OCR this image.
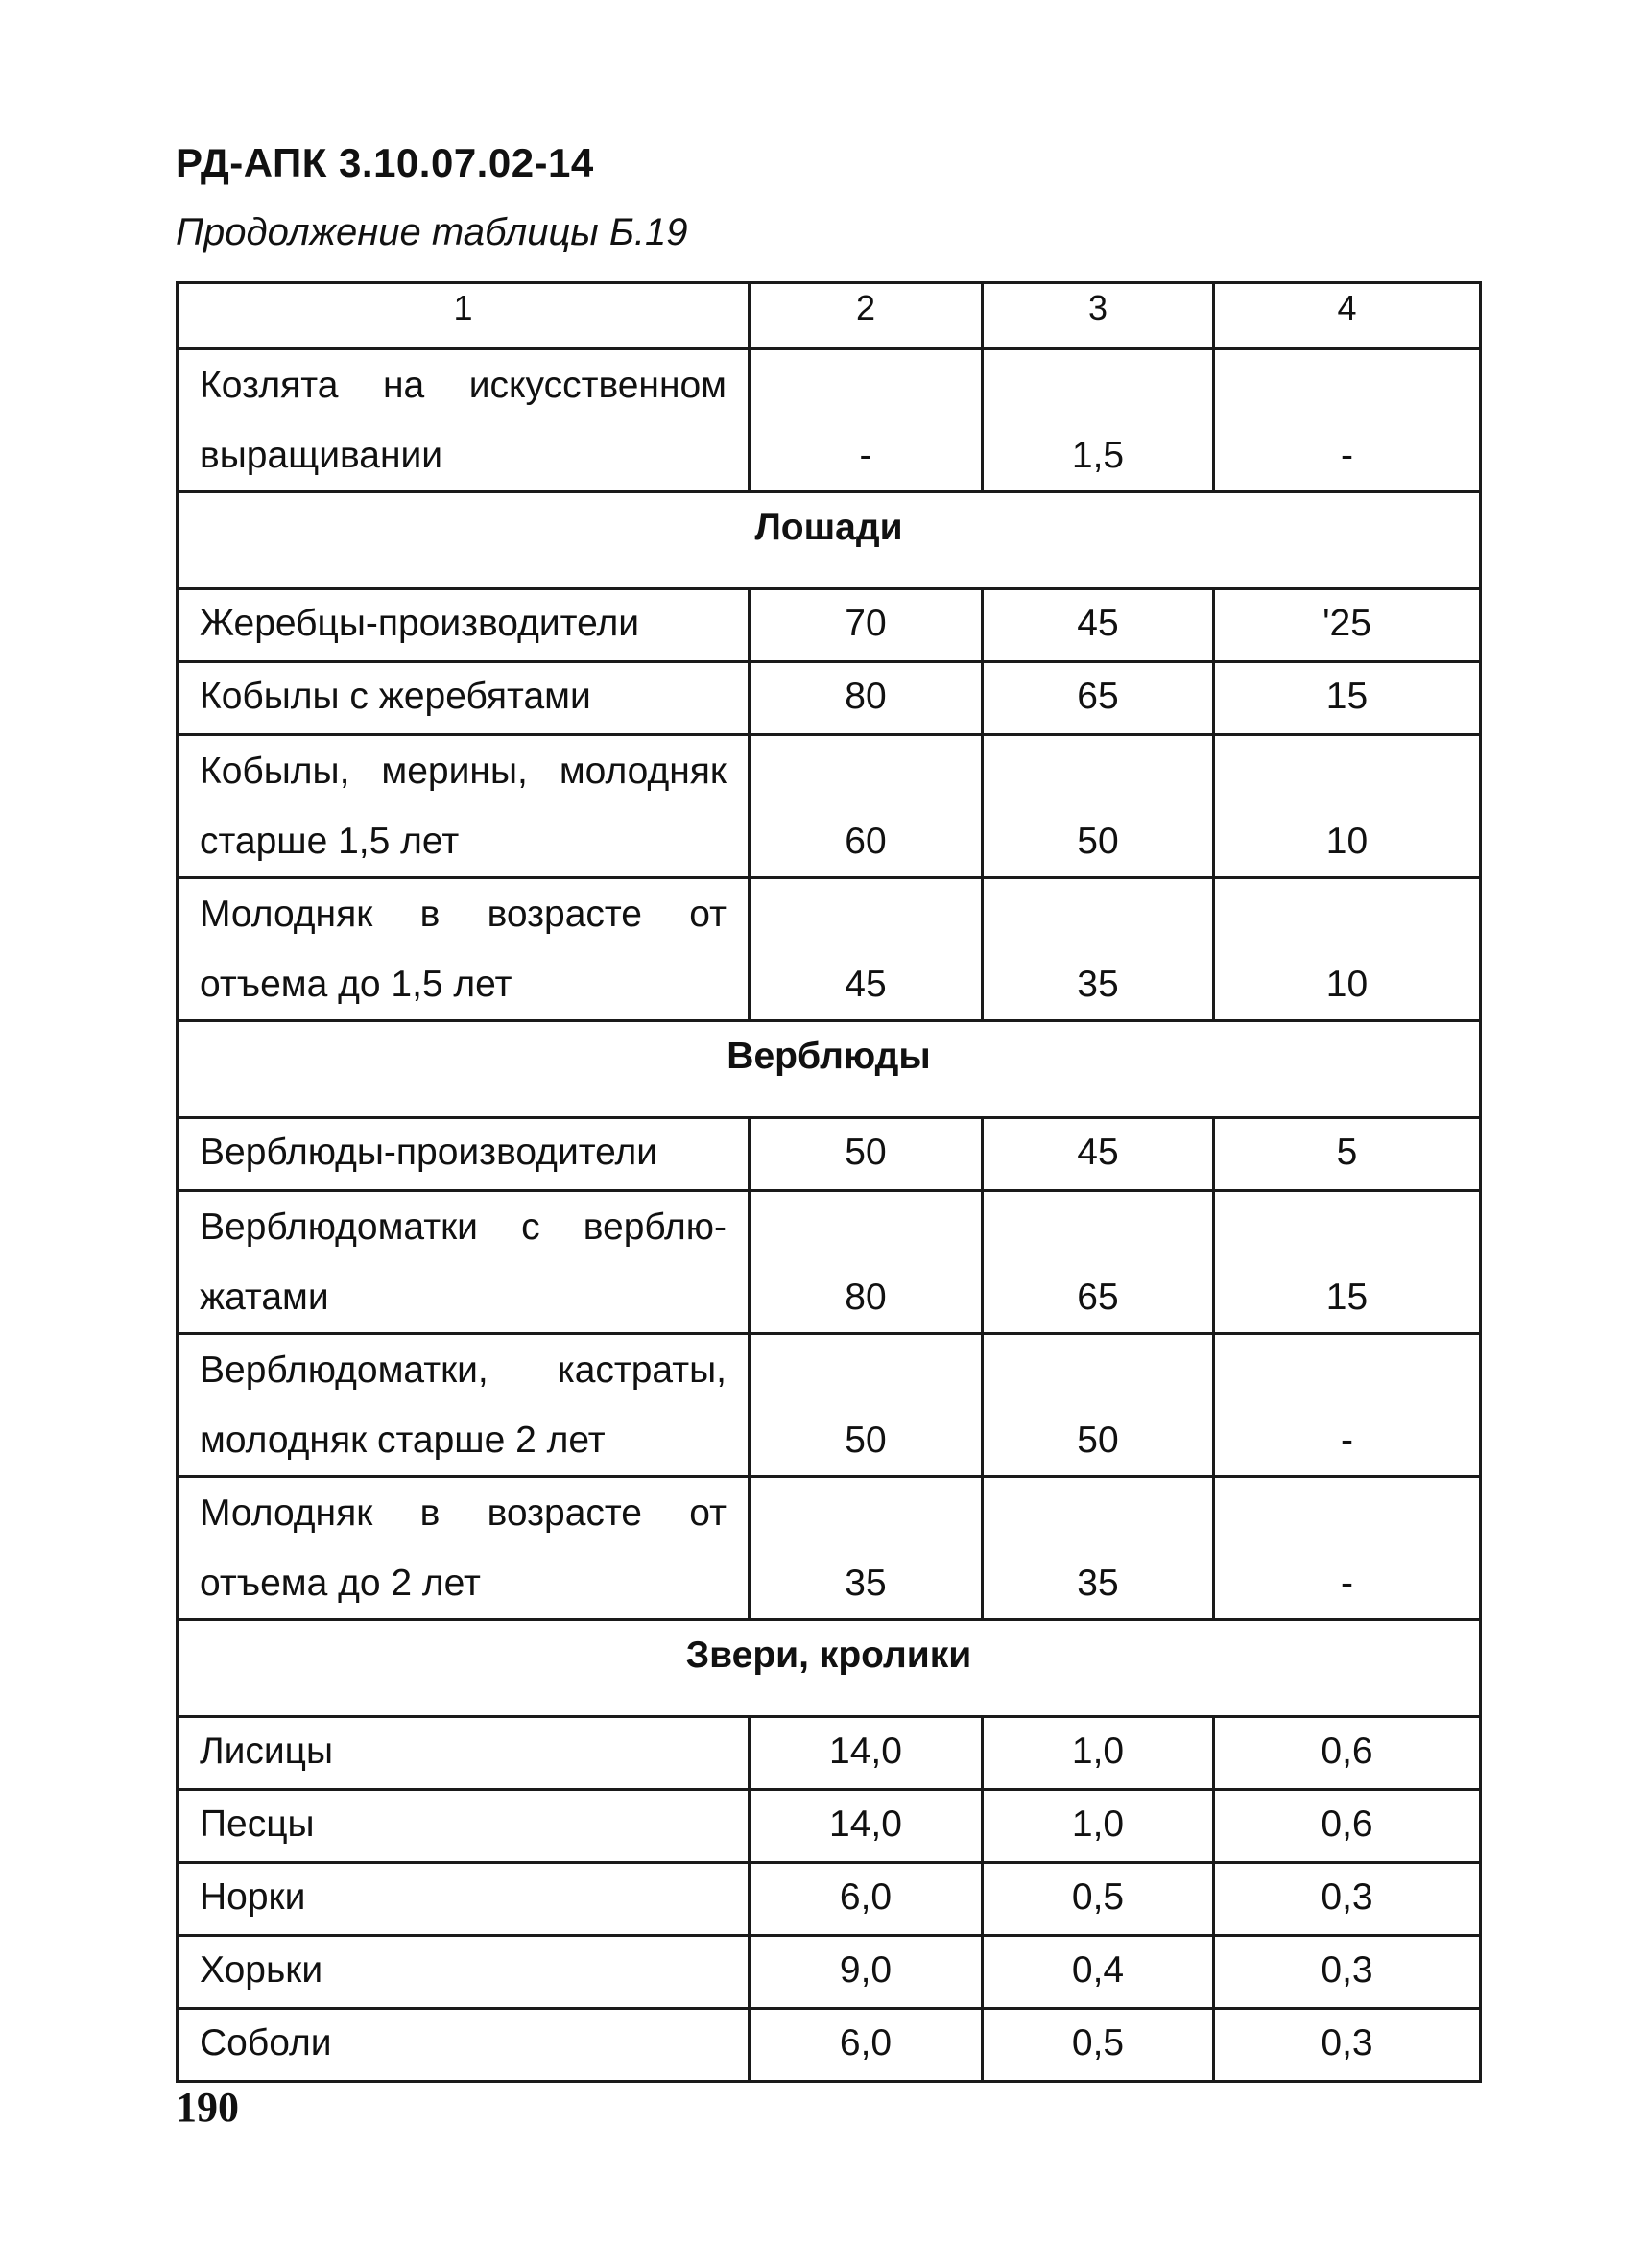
РД-АПК 3.10.07.02-14
Продолжение таблицы Б.19
1	2	3	4

Козлята на искусственном выращивании	-	1,5	-
Лошади			

Жеребцы-производители	70	45	'25

Кобылы с жеребятами	80	65	15

Кобылы, мерины, молодняк старше 1,5 лет	60	50	10

Молодняк в возрасте от отъема до 1,5 лет	45	35	10
Верблюды			

Верблюды-производители	50	45	5

Верблюдоматки с верблю-жатами	80	65	15

Верблюдоматки, кастраты, молодняк старше 2 лет	50	50	-

Молодняк в возрасте от отъема до 2 лет	35	35	-
Звери, кролики			

Лисицы	14,0	1,0	0,6

Песцы	14,0	1,0	0,6

Норки	6,0	0,5	0,3

Хорьки	9,0	0,4	0,3

Соболи	6,0	0,5	0,3
190
